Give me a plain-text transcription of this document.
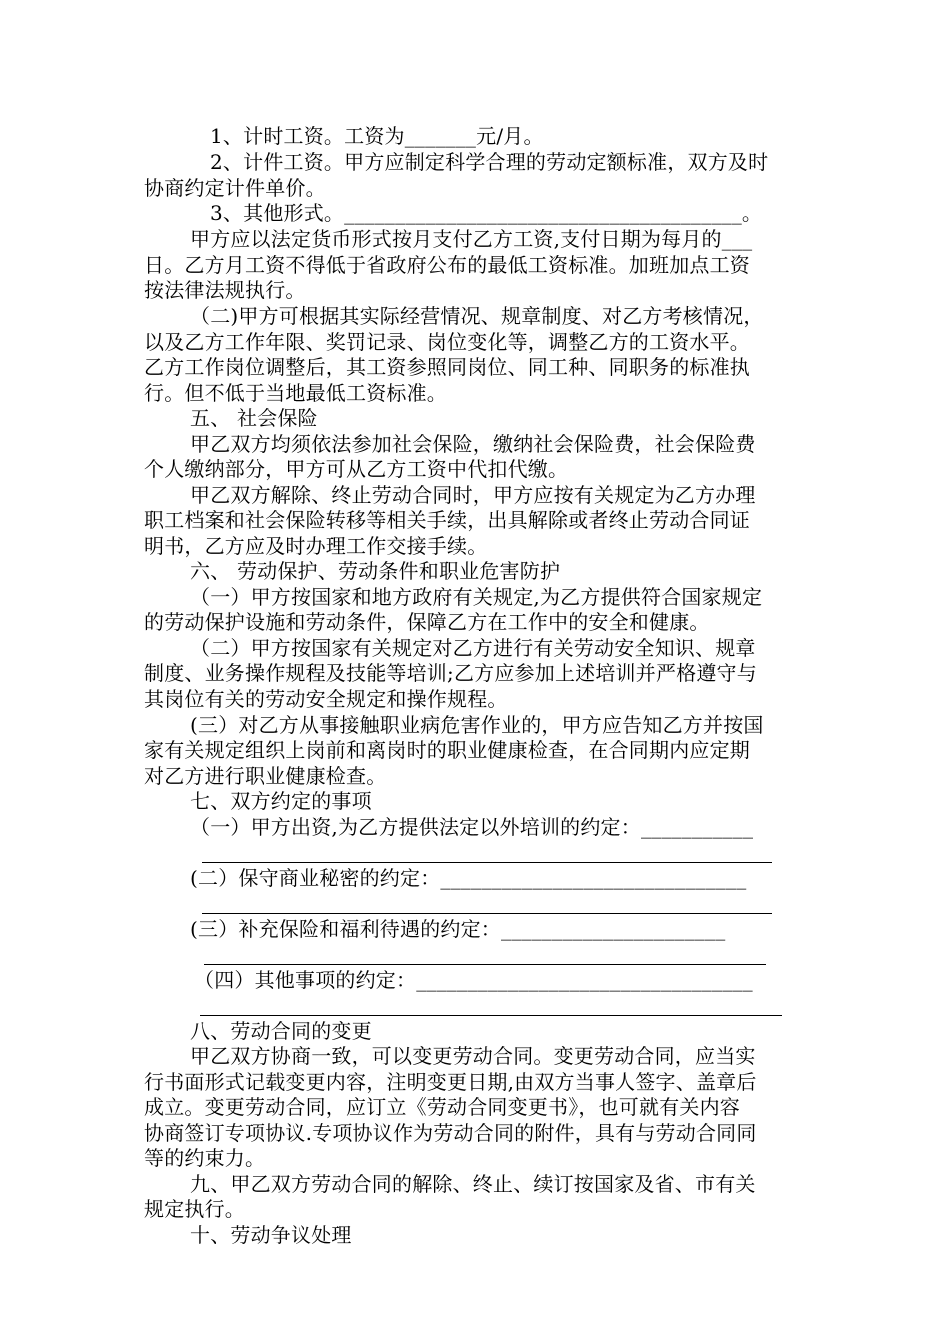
1、计时工资。工资为_______元/月。
2、计件工资。甲方应制定科学合理的劳动定额标准，双方及时
协商约定计件单价。
3、其他形式。_______________________________________。
甲方应以法定货币形式按月支付乙方工资,支付日期为每月的___
日。乙方月工资不得低于省政府公布的最低工资标准。加班加点工资
按法律法规执行。
（二)甲方可根据其实际经营情况、规章制度、对乙方考核情况，
以及乙方工作年限、奖罚记录、岗位变化等，调整乙方的工资水平。
乙方工作岗位调整后，其工资参照同岗位、同工种、同职务的标准执
行。但不低于当地最低工资标准。
五、 社会保险
甲乙双方均须依法参加社会保险，缴纳社会保险费，社会保险费
个人缴纳部分，甲方可从乙方工资中代扣代缴。
甲乙双方解除、终止劳动合同时，甲方应按有关规定为乙方办理
职工档案和社会保险转移等相关手续，出具解除或者终止劳动合同证
明书，乙方应及时办理工作交接手续。
六、 劳动保护、劳动条件和职业危害防护
（一）甲方按国家和地方政府有关规定,为乙方提供符合国家规定
的劳动保护设施和劳动条件，保障乙方在工作中的安全和健康。
（二）甲方按国家有关规定对乙方进行有关劳动安全知识、规章
制度、业务操作规程及技能等培训;乙方应参加上述培训并严格遵守与
其岗位有关的劳动安全规定和操作规程。
(三）对乙方从事接触职业病危害作业的，甲方应告知乙方并按国
家有关规定组织上岗前和离岗时的职业健康检查，在合同期内应定期
对乙方进行职业健康检查。
七、双方约定的事项
（一）甲方出资,为乙方提供法定以外培训的约定：___________
(二）保守商业秘密的约定：______________________________
(三）补充保险和福利待遇的约定：______________________
（四）其他事项的约定：_________________________________
八、劳动合同的变更
甲乙双方协商一致，可以变更劳动合同。变更劳动合同，应当实
行书面形式记载变更内容，注明变更日期,由双方当事人签字、盖章后
成立。变更劳动合同，应订立《劳动合同变更书》，也可就有关内容
协商签订专项协议.专项协议作为劳动合同的附件，具有与劳动合同同
等的约束力。
九、甲乙双方劳动合同的解除、终止、续订按国家及省、市有关
规定执行。
十、劳动争议处理
